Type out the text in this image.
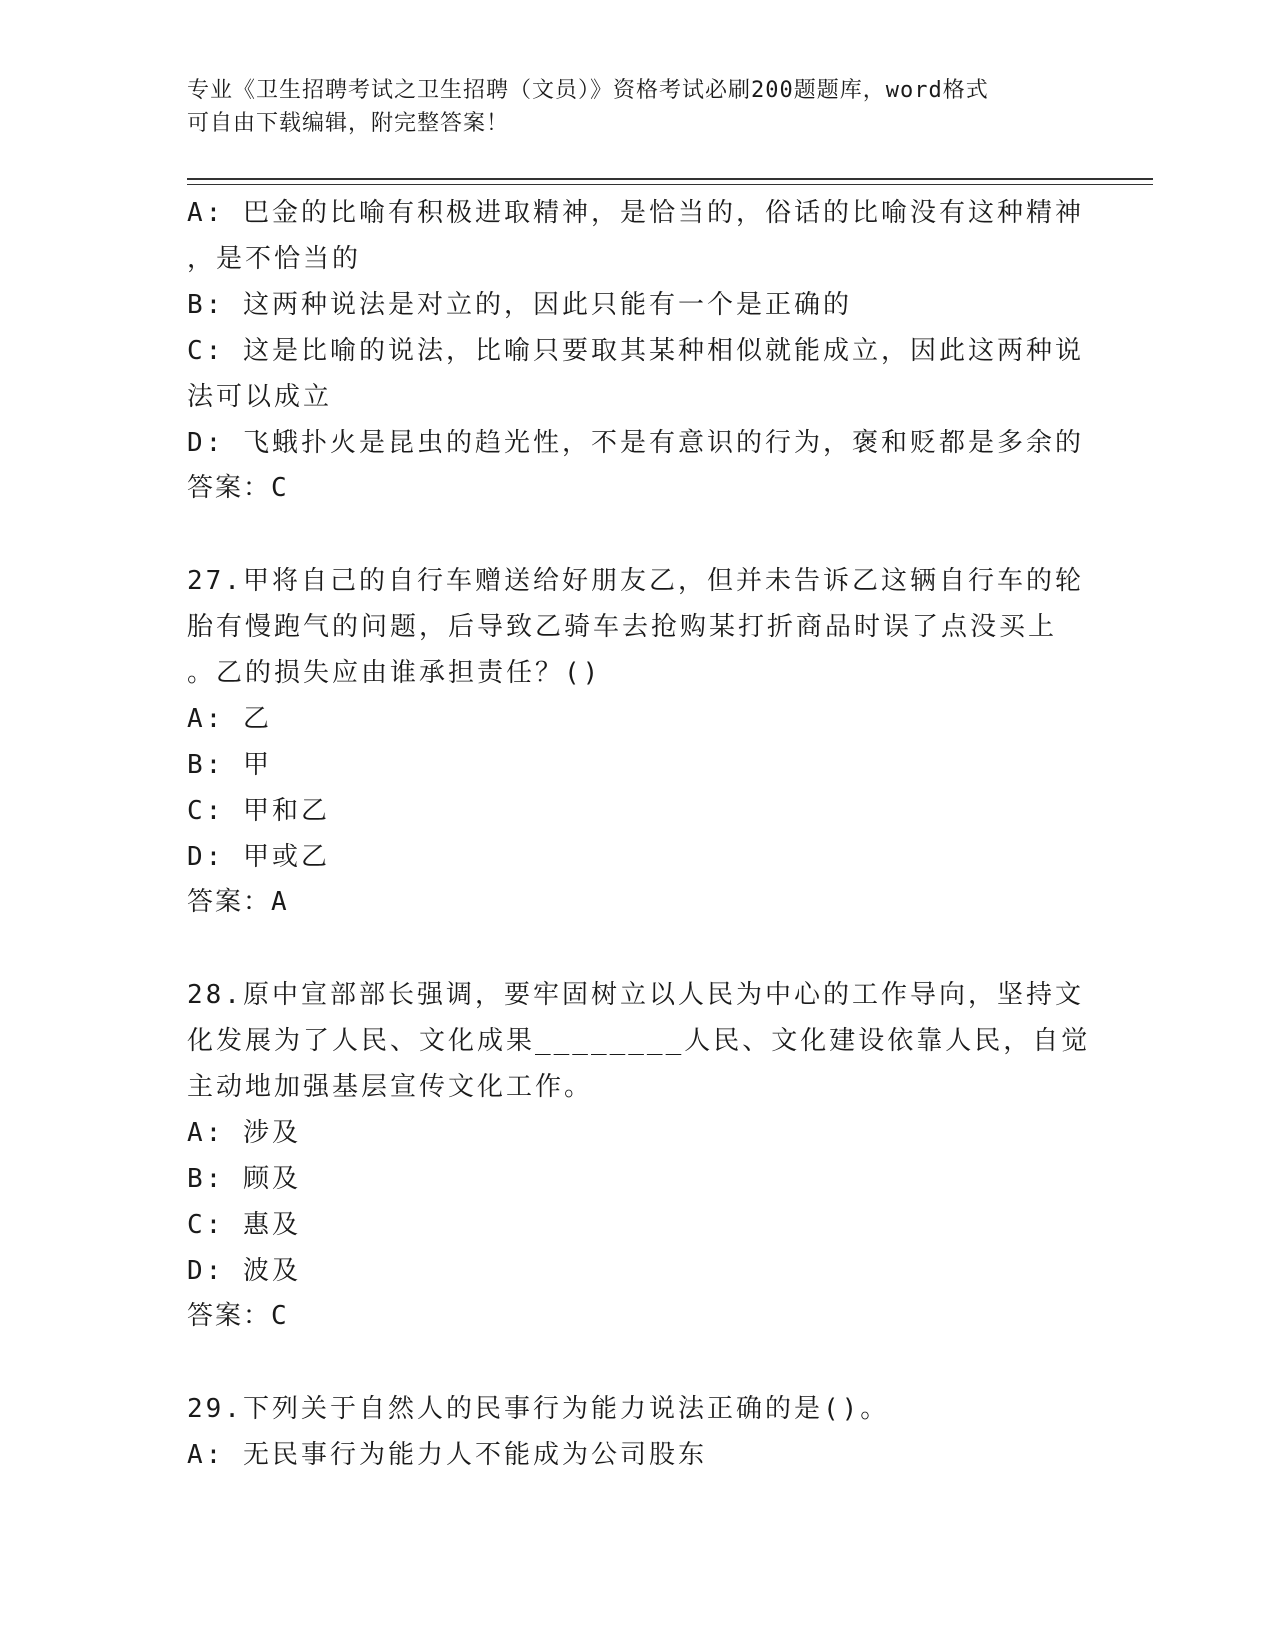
专业《卫生招聘考试之卫生招聘（文员）》资格考试必刷200题题库，word格式
可自由下载编辑，附完整答案！
A: 巴金的比喻有积极进取精神，是恰当的，俗话的比喻没有这种精神
，是不恰当的
B: 这两种说法是对立的，因此只能有一个是正确的
C: 这是比喻的说法，比喻只要取其某种相似就能成立，因此这两种说
法可以成立
D: 飞蛾扑火是昆虫的趋光性，不是有意识的行为，褒和贬都是多余的
答案：C
27.甲将自己的自行车赠送给好朋友乙，但并未告诉乙这辆自行车的轮
胎有慢跑气的问题，后导致乙骑车去抢购某打折商品时误了点没买上
。乙的损失应由谁承担责任？()
A: 乙
B: 甲
C: 甲和乙
D: 甲或乙
答案：A
28.原中宣部部长强调，要牢固树立以人民为中心的工作导向，坚持文
化发展为了人民、文化成果________人民、文化建设依靠人民，自觉
主动地加强基层宣传文化工作。
A: 涉及
B: 顾及
C: 惠及
D: 波及
答案：C
29.下列关于自然人的民事行为能力说法正确的是()。
A: 无民事行为能力人不能成为公司股东
